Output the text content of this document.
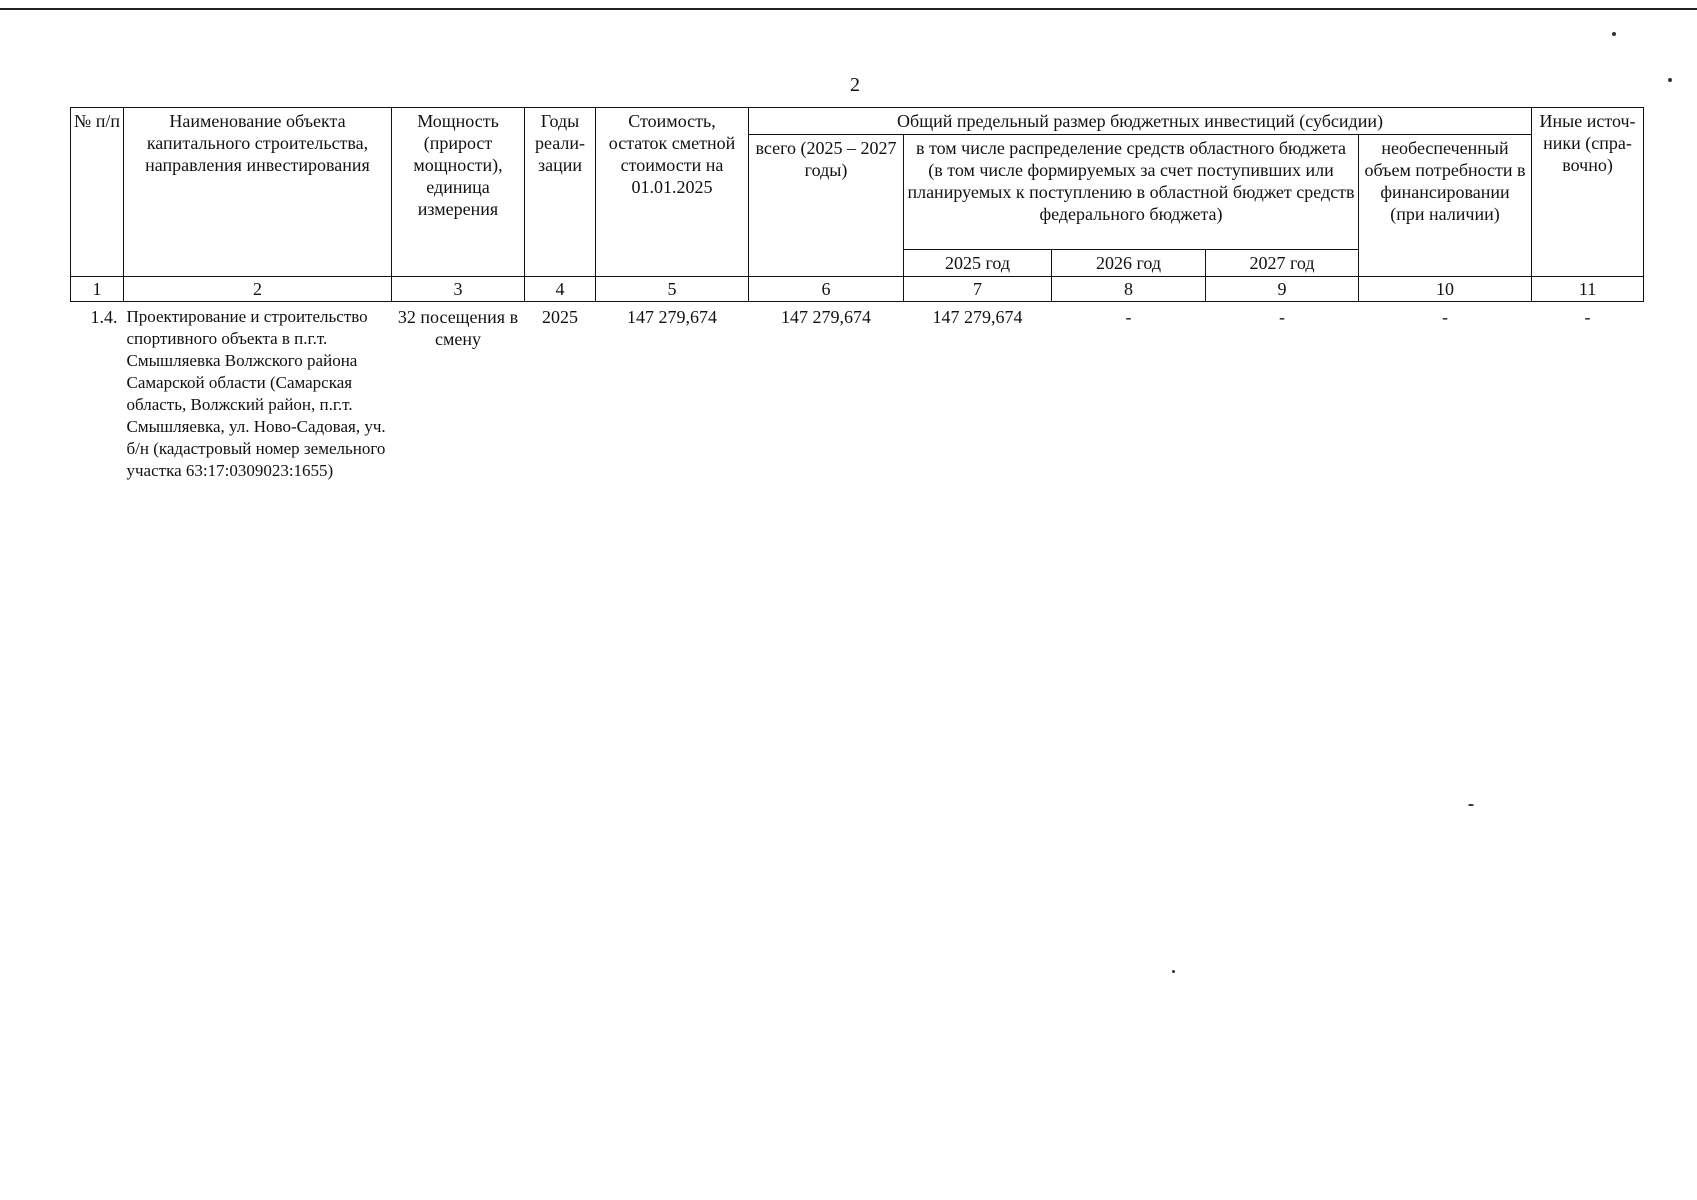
2
№ п/п	Наименование объекта капитального строительства, направления инвестирования	Мощность (прирост мощности), единица измерения	Годы реали-зации	Стоимость, остаток сметной стоимости на 01.01.2025	Общий предельный размер бюджетных инвестиций (субсидии)					Иные источ-ники (спра-вочно)
					всего (2025 – 2027 годы)	в том числе распределение средств областного бюджета (в том числе формируемых за счет поступивших или планируемых к поступлению в областной бюджет средств федерального бюджета)			необеспеченный объем потребности в финансировании (при наличии)	
						2025 год	2026 год	2027 год		
1	2	3	4	5	6	7	8	9	10	11
1.4.	Проектирование и строительство спортивного объекта в п.г.т. Смышляевка Волжского района Самарской области (Самарская область, Волжский район, п.г.т. Смышляевка, ул. Ново-Садовая, уч. б/н (кадастровый номер земельного участка 63:17:0309023:1655)	32 посещения в смену	2025	147 279,674	147 279,674	147 279,674	-	-	-	-
